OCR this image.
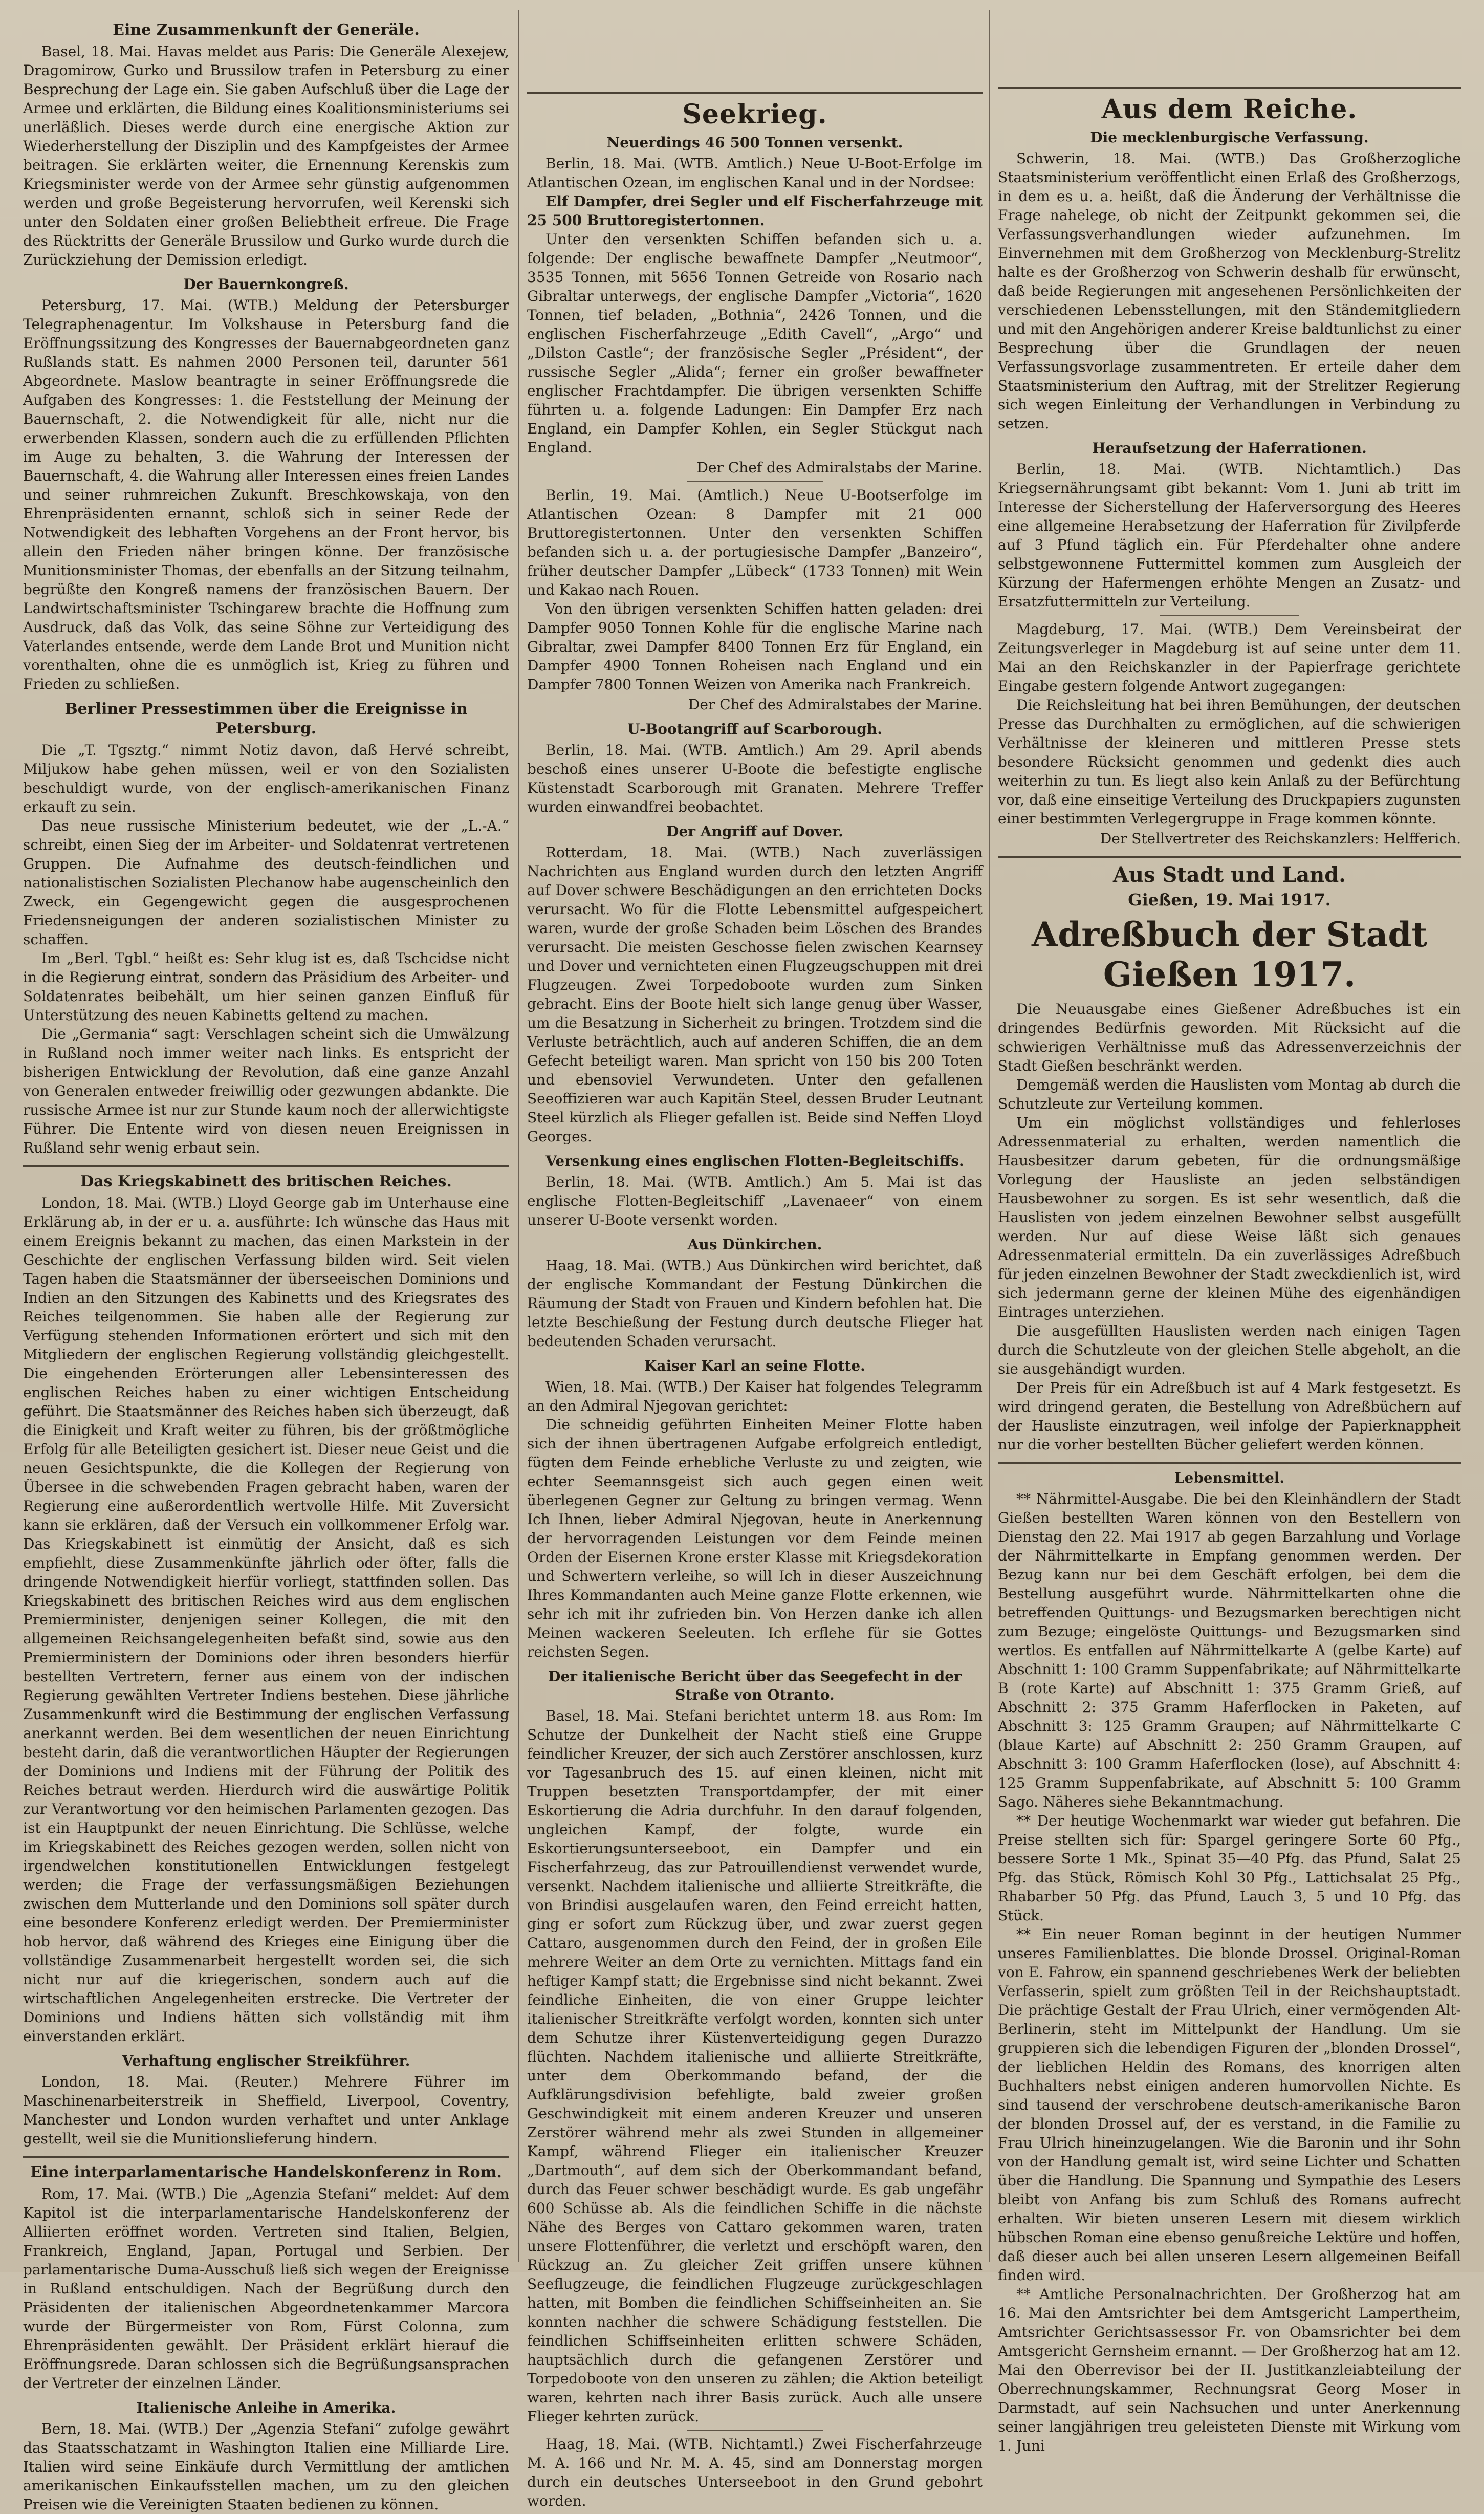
Eine Zusammenkunft der Generäle.

Basel, 18. Mai. Havas meldet aus Paris: Die Generäle Alexejew, Dragomirow, Gurko und Brussilow trafen in Petersburg zu einer Besprechung der Lage ein. Sie gaben Aufschluß über die Lage der Armee und erklärten, die Bildung eines Koalitionsministeriums sei unerläßlich. Dieses werde durch eine energische Aktion zur Wiederherstellung der Disziplin und des Kampfgeistes der Armee beitragen. Sie erklärten weiter, die Ernennung Kerenskis zum Kriegsminister werde von der Armee sehr günstig aufgenommen werden und große Begeisterung hervorrufen, weil Kerenski sich unter den Soldaten einer großen Beliebtheit erfreue. Die Frage des Rücktritts der Generäle Brussilow und Gurko wurde durch die Zurückziehung der Demission erledigt.

Der Bauernkongreß.

Petersburg, 17. Mai. (WTB.) Meldung der Petersburger Telegraphenagentur. Im Volkshause in Petersburg fand die Eröffnungssitzung des Kongresses der Bauernabgeordneten ganz Rußlands statt. Es nahmen 2000 Personen teil, darunter 561 Abgeordnete. Maslow beantragte in seiner Eröffnungsrede die Aufgaben des Kongresses: 1. die Feststellung der Meinung der Bauernschaft, 2. die Notwendigkeit für alle, nicht nur die erwerbenden Klassen, sondern auch die zu erfüllenden Pflichten im Auge zu behalten, 3. die Wahrung der Interessen der Bauernschaft, 4. die Wahrung aller Interessen eines freien Landes und seiner ruhmreichen Zukunft. Breschkowskaja, von den Ehrenpräsidenten ernannt, schloß sich in seiner Rede der Notwendigkeit des lebhaften Vorgehens an der Front hervor, bis allein den Frieden näher bringen könne. Der französische Munitionsminister Thomas, der ebenfalls an der Sitzung teilnahm, begrüßte den Kongreß namens der französischen Bauern. Der Landwirtschaftsminister Tschingarew brachte die Hoffnung zum Ausdruck, daß das Volk, das seine Söhne zur Verteidigung des Vaterlandes entsende, werde dem Lande Brot und Munition nicht vorenthalten, ohne die es unmöglich ist, Krieg zu führen und Frieden zu schließen.

Berliner Pressestimmen über die Ereignisse in Petersburg.

Die „T. Tgsztg.“ nimmt Notiz davon, daß Hervé schreibt, Miljukow habe gehen müssen, weil er von den Sozialisten beschuldigt wurde, von der englisch-amerikanischen Finanz erkauft zu sein.

Das neue russische Ministerium bedeutet, wie der „L.-A.“ schreibt, einen Sieg der im Arbeiter- und Soldatenrat vertretenen Gruppen. Die Aufnahme des deutsch-feindlichen und nationalistischen Sozialisten Plechanow habe augenscheinlich den Zweck, ein Gegengewicht gegen die ausgesprochenen Friedensneigungen der anderen sozialistischen Minister zu schaffen.

Im „Berl. Tgbl.“ heißt es: Sehr klug ist es, daß Tschcidse nicht in die Regierung eintrat, sondern das Präsidium des Arbeiter- und Soldatenrates beibehält, um hier seinen ganzen Einfluß für Unterstützung des neuen Kabinetts geltend zu machen.

Die „Germania“ sagt: Verschlagen scheint sich die Umwälzung in Rußland noch immer weiter nach links. Es entspricht der bisherigen Entwicklung der Revolution, daß eine ganze Anzahl von Generalen entweder freiwillig oder gezwungen abdankte. Die russische Armee ist nur zur Stunde kaum noch der allerwichtigste Führer. Die Entente wird von diesen neuen Ereignissen in Rußland sehr wenig erbaut sein.

Das Kriegskabinett des britischen Reiches.

London, 18. Mai. (WTB.) Lloyd George gab im Unterhause eine Erklärung ab, in der er u. a. ausführte: Ich wünsche das Haus mit einem Ereignis bekannt zu machen, das einen Markstein in der Geschichte der englischen Verfassung bilden wird. Seit vielen Tagen haben die Staatsmänner der überseeischen Dominions und Indien an den Sitzungen des Kabinetts und des Kriegsrates des Reiches teilgenommen. Sie haben alle der Regierung zur Verfügung stehenden Informationen erörtert und sich mit den Mitgliedern der englischen Regierung vollständig gleichgestellt. Die eingehenden Erörterungen aller Lebensinteressen des englischen Reiches haben zu einer wichtigen Entscheidung geführt. Die Staatsmänner des Reiches haben sich überzeugt, daß die Einigkeit und Kraft weiter zu führen, bis der größtmögliche Erfolg für alle Beteiligten gesichert ist. Dieser neue Geist und die neuen Gesichtspunkte, die die Kollegen der Regierung von Übersee in die schwebenden Fragen gebracht haben, waren der Regierung eine außerordentlich wertvolle Hilfe. Mit Zuversicht kann sie erklären, daß der Versuch ein vollkommener Erfolg war. Das Kriegskabinett ist einmütig der Ansicht, daß es sich empfiehlt, diese Zusammenkünfte jährlich oder öfter, falls die dringende Notwendigkeit hierfür vorliegt, stattfinden sollen. Das Kriegskabinett des britischen Reiches wird aus dem englischen Premierminister, denjenigen seiner Kollegen, die mit den allgemeinen Reichsangelegenheiten befaßt sind, sowie aus den Premierministern der Dominions oder ihren besonders hierfür bestellten Vertretern, ferner aus einem von der indischen Regierung gewählten Vertreter Indiens bestehen. Diese jährliche Zusammenkunft wird die Bestimmung der englischen Verfassung anerkannt werden. Bei dem wesentlichen der neuen Einrichtung besteht darin, daß die verantwortlichen Häupter der Regierungen der Dominions und Indiens mit der Führung der Politik des Reiches betraut werden. Hierdurch wird die auswärtige Politik zur Verantwortung vor den heimischen Parlamenten gezogen. Das ist ein Hauptpunkt der neuen Einrichtung. Die Schlüsse, welche im Kriegskabinett des Reiches gezogen werden, sollen nicht von irgendwelchen konstitutionellen Entwicklungen festgelegt werden; die Frage der verfassungsmäßigen Beziehungen zwischen dem Mutterlande und den Dominions soll später durch eine besondere Konferenz erledigt werden. Der Premierminister hob hervor, daß während des Krieges eine Einigung über die vollständige Zusammenarbeit hergestellt worden sei, die sich nicht nur auf die kriegerischen, sondern auch auf die wirtschaftlichen Angelegenheiten erstrecke. Die Vertreter der Dominions und Indiens hätten sich vollständig mit ihm einverstanden erklärt.

Verhaftung englischer Streikführer.

London, 18. Mai. (Reuter.) Mehrere Führer im Maschinenarbeiterstreik in Sheffield, Liverpool, Coventry, Manchester und London wurden verhaftet und unter Anklage gestellt, weil sie die Munitionslieferung hindern.

Eine interparlamentarische Handelskonferenz in Rom.

Rom, 17. Mai. (WTB.) Die „Agenzia Stefani“ meldet: Auf dem Kapitol ist die interparlamentarische Handelskonferenz der Alliierten eröffnet worden. Vertreten sind Italien, Belgien, Frankreich, England, Japan, Portugal und Serbien. Der parlamentarische Duma-Ausschuß ließ sich wegen der Ereignisse in Rußland entschuldigen. Nach der Begrüßung durch den Präsidenten der italienischen Abgeordnetenkammer Marcora wurde der Bürgermeister von Rom, Fürst Colonna, zum Ehrenpräsidenten gewählt. Der Präsident erklärt hierauf die Eröffnungsrede. Daran schlossen sich die Begrüßungsansprachen der Vertreter der einzelnen Länder.

Italienische Anleihe in Amerika.

Bern, 18. Mai. (WTB.) Der „Agenzia Stefani“ zufolge gewährt das Staatsschatzamt in Washington Italien eine Milliarde Lire. Italien wird seine Einkäufe durch Vermittlung der amtlichen amerikanischen Einkaufsstellen machen, um zu den gleichen Preisen wie die Vereinigten Staaten bedienen zu können.

Seekrieg.
Neuerdings 46 500 Tonnen versenkt.

Berlin, 18. Mai. (WTB. Amtlich.) Neue U-Boot-Erfolge im Atlantischen Ozean, im englischen Kanal und in der Nordsee:

Elf Dampfer, drei Segler und elf Fischerfahrzeuge mit 25 500 Bruttoregistertonnen.

Unter den versenkten Schiffen befanden sich u. a. folgende: Der englische bewaffnete Dampfer „Neutmoor“, 3535 Tonnen, mit 5656 Tonnen Getreide von Rosario nach Gibraltar unterwegs, der englische Dampfer „Victoria“, 1620 Tonnen, tief beladen, „Bothnia“, 2426 Tonnen, und die englischen Fischerfahrzeuge „Edith Cavell“, „Argo“ und „Dilston Castle“; der französische Segler „Président“, der russische Segler „Alida“; ferner ein großer bewaffneter englischer Frachtdampfer. Die übrigen versenkten Schiffe führten u. a. folgende Ladungen: Ein Dampfer Erz nach England, ein Dampfer Kohlen, ein Segler Stückgut nach England.

Der Chef des Admiralstabs der Marine.

Berlin, 19. Mai. (Amtlich.) Neue U-Bootserfolge im Atlantischen Ozean: 8 Dampfer mit 21 000 Bruttoregistertonnen. Unter den versenkten Schiffen befanden sich u. a. der portugiesische Dampfer „Banzeiro“, früher deutscher Dampfer „Lübeck“ (1733 Tonnen) mit Wein und Kakao nach Rouen.

Von den übrigen versenkten Schiffen hatten geladen: drei Dampfer 9050 Tonnen Kohle für die englische Marine nach Gibraltar, zwei Dampfer 8400 Tonnen Erz für England, ein Dampfer 4900 Tonnen Roheisen nach England und ein Dampfer 7800 Tonnen Weizen von Amerika nach Frankreich.

Der Chef des Admiralstabes der Marine.
U-Bootangriff auf Scarborough.

Berlin, 18. Mai. (WTB. Amtlich.) Am 29. April abends beschoß eines unserer U-Boote die befestigte englische Küstenstadt Scarborough mit Granaten. Mehrere Treffer wurden einwandfrei beobachtet.

Der Angriff auf Dover.

Rotterdam, 18. Mai. (WTB.) Nach zuverlässigen Nachrichten aus England wurden durch den letzten Angriff auf Dover schwere Beschädigungen an den errichteten Docks verursacht. Wo für die Flotte Lebensmittel aufgespeichert waren, wurde der große Schaden beim Löschen des Brandes verursacht. Die meisten Geschosse fielen zwischen Kearnsey und Dover und vernichteten einen Flugzeugschuppen mit drei Flugzeugen. Zwei Torpedoboote wurden zum Sinken gebracht. Eins der Boote hielt sich lange genug über Wasser, um die Besatzung in Sicherheit zu bringen. Trotzdem sind die Verluste beträchtlich, auch auf anderen Schiffen, die an dem Gefecht beteiligt waren. Man spricht von 150 bis 200 Toten und ebensoviel Verwundeten. Unter den gefallenen Seeoffizieren war auch Kapitän Steel, dessen Bruder Leutnant Steel kürzlich als Flieger gefallen ist. Beide sind Neffen Lloyd Georges.

Versenkung eines englischen Flotten-Begleitschiffs.

Berlin, 18. Mai. (WTB. Amtlich.) Am 5. Mai ist das englische Flotten-Begleitschiff „Lavenaeer“ von einem unserer U-Boote versenkt worden.

Aus Dünkirchen.

Haag, 18. Mai. (WTB.) Aus Dünkirchen wird berichtet, daß der englische Kommandant der Festung Dünkirchen die Räumung der Stadt von Frauen und Kindern befohlen hat. Die letzte Beschießung der Festung durch deutsche Flieger hat bedeutenden Schaden verursacht.

Kaiser Karl an seine Flotte.

Wien, 18. Mai. (WTB.) Der Kaiser hat folgendes Telegramm an den Admiral Njegovan gerichtet:

Die schneidig geführten Einheiten Meiner Flotte haben sich der ihnen übertragenen Aufgabe erfolgreich entledigt, fügten dem Feinde erhebliche Verluste zu und zeigten, wie echter Seemannsgeist sich auch gegen einen weit überlegenen Gegner zur Geltung zu bringen vermag. Wenn Ich Ihnen, lieber Admiral Njegovan, heute in Anerkennung der hervorragenden Leistungen vor dem Feinde meinen Orden der Eisernen Krone erster Klasse mit Kriegsdekoration und Schwertern verleihe, so will Ich in dieser Auszeichnung Ihres Kommandanten auch Meine ganze Flotte erkennen, wie sehr ich mit ihr zufrieden bin. Von Herzen danke ich allen Meinen wackeren Seeleuten. Ich erflehe für sie Gottes reichsten Segen.

Der italienische Bericht über das Seegefecht in der Straße von Otranto.

Basel, 18. Mai. Stefani berichtet unterm 18. aus Rom: Im Schutze der Dunkelheit der Nacht stieß eine Gruppe feindlicher Kreuzer, der sich auch Zerstörer anschlossen, kurz vor Tagesanbruch des 15. auf einen kleinen, nicht mit Truppen besetzten Transportdampfer, der mit einer Eskortierung die Adria durchfuhr. In den darauf folgenden, ungleichen Kampf, der folgte, wurde ein Eskortierungsunterseeboot, ein Dampfer und ein Fischerfahrzeug, das zur Patrouillendienst verwendet wurde, versenkt. Nachdem italienische und alliierte Streitkräfte, die von Brindisi ausgelaufen waren, den Feind erreicht hatten, ging er sofort zum Rückzug über, und zwar zuerst gegen Cattaro, ausgenommen durch den Feind, der in großen Eile mehrere Weiter an dem Orte zu vernichten. Mittags fand ein heftiger Kampf statt; die Ergebnisse sind nicht bekannt. Zwei feindliche Einheiten, die von einer Gruppe leichter italienischer Streitkräfte verfolgt worden, konnten sich unter dem Schutze ihrer Küstenverteidigung gegen Durazzo flüchten. Nachdem italienische und alliierte Streitkräfte, unter dem Oberkommando befand, der die Aufklärungsdivision befehligte, bald zweier großen Geschwindigkeit mit einem anderen Kreuzer und unseren Zerstörer während mehr als zwei Stunden in allgemeiner Kampf, während Flieger ein italienischer Kreuzer „Dartmouth“, auf dem sich der Oberkommandant befand, durch das Feuer schwer beschädigt wurde. Es gab ungefähr 600 Schüsse ab. Als die feindlichen Schiffe in die nächste Nähe des Berges von Cattaro gekommen waren, traten unsere Flottenführer, die verletzt und erschöpft waren, den Rückzug an. Zu gleicher Zeit griffen unsere kühnen Seeflugzeuge, die feindlichen Flugzeuge zurückgeschlagen hatten, mit Bomben die feindlichen Schiffseinheiten an. Sie konnten nachher die schwere Schädigung feststellen. Die feindlichen Schiffseinheiten erlitten schwere Schäden, hauptsächlich durch die gefangenen Zerstörer und Torpedoboote von den unseren zu zählen; die Aktion beteiligt waren, kehrten nach ihrer Basis zurück. Auch alle unsere Flieger kehrten zurück.

Haag, 18. Mai. (WTB. Nichtamtl.) Zwei Fischerfahrzeuge M. A. 166 und Nr. M. A. 45, sind am Donnerstag morgen durch ein deutsches Unterseeboot in den Grund gebohrt worden.

Aus dem Reiche.
Die mecklenburgische Verfassung.

Schwerin, 18. Mai. (WTB.) Das Großherzogliche Staatsministerium veröffentlicht einen Erlaß des Großherzogs, in dem es u. a. heißt, daß die Änderung der Verhältnisse die Frage nahelege, ob nicht der Zeitpunkt gekommen sei, die Verfassungsverhandlungen wieder aufzunehmen. Im Einvernehmen mit dem Großherzog von Mecklenburg-Strelitz halte es der Großherzog von Schwerin deshalb für erwünscht, daß beide Regierungen mit angesehenen Persönlichkeiten der verschiedenen Lebensstellungen, mit den Ständemitgliedern und mit den Angehörigen anderer Kreise baldtunlichst zu einer Besprechung über die Grundlagen der neuen Verfassungsvorlage zusammentreten. Er erteile daher dem Staatsministerium den Auftrag, mit der Strelitzer Regierung sich wegen Einleitung der Verhandlungen in Verbindung zu setzen.

Heraufsetzung der Haferrationen.

Berlin, 18. Mai. (WTB. Nichtamtlich.) Das Kriegsernährungsamt gibt bekannt: Vom 1. Juni ab tritt im Interesse der Sicherstellung der Haferversorgung des Heeres eine allgemeine Herabsetzung der Haferration für Zivilpferde auf 3 Pfund täglich ein. Für Pferdehalter ohne andere selbstgewonnene Futtermittel kommen zum Ausgleich der Kürzung der Hafermengen erhöhte Mengen an Zusatz- und Ersatzfuttermitteln zur Verteilung.

Magdeburg, 17. Mai. (WTB.) Dem Vereinsbeirat der Zeitungsverleger in Magdeburg ist auf seine unter dem 11. Mai an den Reichskanzler in der Papierfrage gerichtete Eingabe gestern folgende Antwort zugegangen:

Die Reichsleitung hat bei ihren Bemühungen, der deutschen Presse das Durchhalten zu ermöglichen, auf die schwierigen Verhältnisse der kleineren und mittleren Presse stets besondere Rücksicht genommen und gedenkt dies auch weiterhin zu tun. Es liegt also kein Anlaß zu der Befürchtung vor, daß eine einseitige Verteilung des Druckpapiers zugunsten einer bestimmten Verlegergruppe in Frage kommen könnte.

Der Stellvertreter des Reichskanzlers: Helfferich.
Aus Stadt und Land.
Gießen, 19. Mai 1917.
Adreßbuch der Stadt Gießen 1917.

Die Neuausgabe eines Gießener Adreßbuches ist ein dringendes Bedürfnis geworden. Mit Rücksicht auf die schwierigen Verhältnisse muß das Adressenverzeichnis der Stadt Gießen beschränkt werden.

Demgemäß werden die Hauslisten vom Montag ab durch die Schutzleute zur Verteilung kommen.

Um ein möglichst vollständiges und fehlerloses Adressenmaterial zu erhalten, werden namentlich die Hausbesitzer darum gebeten, für die ordnungsmäßige Vorlegung der Hausliste an jeden selbständigen Hausbewohner zu sorgen. Es ist sehr wesentlich, daß die Hauslisten von jedem einzelnen Bewohner selbst ausgefüllt werden. Nur auf diese Weise läßt sich genaues Adressenmaterial ermitteln. Da ein zuverlässiges Adreßbuch für jeden einzelnen Bewohner der Stadt zweckdienlich ist, wird sich jedermann gerne der kleinen Mühe des eigenhändigen Eintrages unterziehen.

Die ausgefüllten Hauslisten werden nach einigen Tagen durch die Schutzleute von der gleichen Stelle abgeholt, an die sie ausgehändigt wurden.

Der Preis für ein Adreßbuch ist auf 4 Mark festgesetzt. Es wird dringend geraten, die Bestellung von Adreßbüchern auf der Hausliste einzutragen, weil infolge der Papierknappheit nur die vorher bestellten Bücher geliefert werden können.

Lebensmittel.

** Nährmittel-Ausgabe. Die bei den Kleinhändlern der Stadt Gießen bestellten Waren können von den Bestellern von Dienstag den 22. Mai 1917 ab gegen Barzahlung und Vorlage der Nährmittelkarte in Empfang genommen werden. Der Bezug kann nur bei dem Geschäft erfolgen, bei dem die Bestellung ausgeführt wurde. Nährmittelkarten ohne die betreffenden Quittungs- und Bezugsmarken berechtigen nicht zum Bezuge; eingelöste Quittungs- und Bezugsmarken sind wertlos. Es entfallen auf Nährmittelkarte A (gelbe Karte) auf Abschnitt 1: 100 Gramm Suppenfabrikate; auf Nährmittelkarte B (rote Karte) auf Abschnitt 1: 375 Gramm Grieß, auf Abschnitt 2: 375 Gramm Haferflocken in Paketen, auf Abschnitt 3: 125 Gramm Graupen; auf Nährmittelkarte C (blaue Karte) auf Abschnitt 2: 250 Gramm Graupen, auf Abschnitt 3: 100 Gramm Haferflocken (lose), auf Abschnitt 4: 125 Gramm Suppenfabrikate, auf Abschnitt 5: 100 Gramm Sago. Näheres siehe Bekanntmachung.

** Der heutige Wochenmarkt war wieder gut befahren. Die Preise stellten sich für: Spargel geringere Sorte 60 Pfg., bessere Sorte 1 Mk., Spinat 35—40 Pfg. das Pfund, Salat 25 Pfg. das Stück, Römisch Kohl 30 Pfg., Lattichsalat 25 Pfg., Rhabarber 50 Pfg. das Pfund, Lauch 3, 5 und 10 Pfg. das Stück.

** Ein neuer Roman beginnt in der heutigen Nummer unseres Familienblattes. Die blonde Drossel. Original-Roman von E. Fahrow, ein spannend geschriebenes Werk der beliebten Verfasserin, spielt zum größten Teil in der Reichshauptstadt. Die prächtige Gestalt der Frau Ulrich, einer vermögenden Alt-Berlinerin, steht im Mittelpunkt der Handlung. Um sie gruppieren sich die lebendigen Figuren der „blonden Drossel“, der lieblichen Heldin des Romans, des knorrigen alten Buchhalters nebst einigen anderen humorvollen Nichte. Es sind tausend der verschrobene deutsch-amerikanische Baron der blonden Drossel auf, der es verstand, in die Familie zu Frau Ulrich hineinzugelangen. Wie die Baronin und ihr Sohn von der Handlung gemalt ist, wird seine Lichter und Schatten über die Handlung. Die Spannung und Sympathie des Lesers bleibt von Anfang bis zum Schluß des Romans aufrecht erhalten. Wir bieten unseren Lesern mit diesem wirklich hübschen Roman eine ebenso genußreiche Lektüre und hoffen, daß dieser auch bei allen unseren Lesern allgemeinen Beifall finden wird.

** Amtliche Personalnachrichten. Der Großherzog hat am 16. Mai den Amtsrichter bei dem Amtsgericht Lampertheim, Amtsrichter Gerichtsassessor Fr. von Obamsrichter bei dem Amtsgericht Gernsheim ernannt. — Der Großherzog hat am 12. Mai den Oberrevisor bei der II. Justitkanzleiabteilung der Oberrechnungskammer, Rechnungsrat Georg Moser in Darmstadt, auf sein Nachsuchen und unter Anerkennung seiner langjährigen treu geleisteten Dienste mit Wirkung vom 1. Juni
